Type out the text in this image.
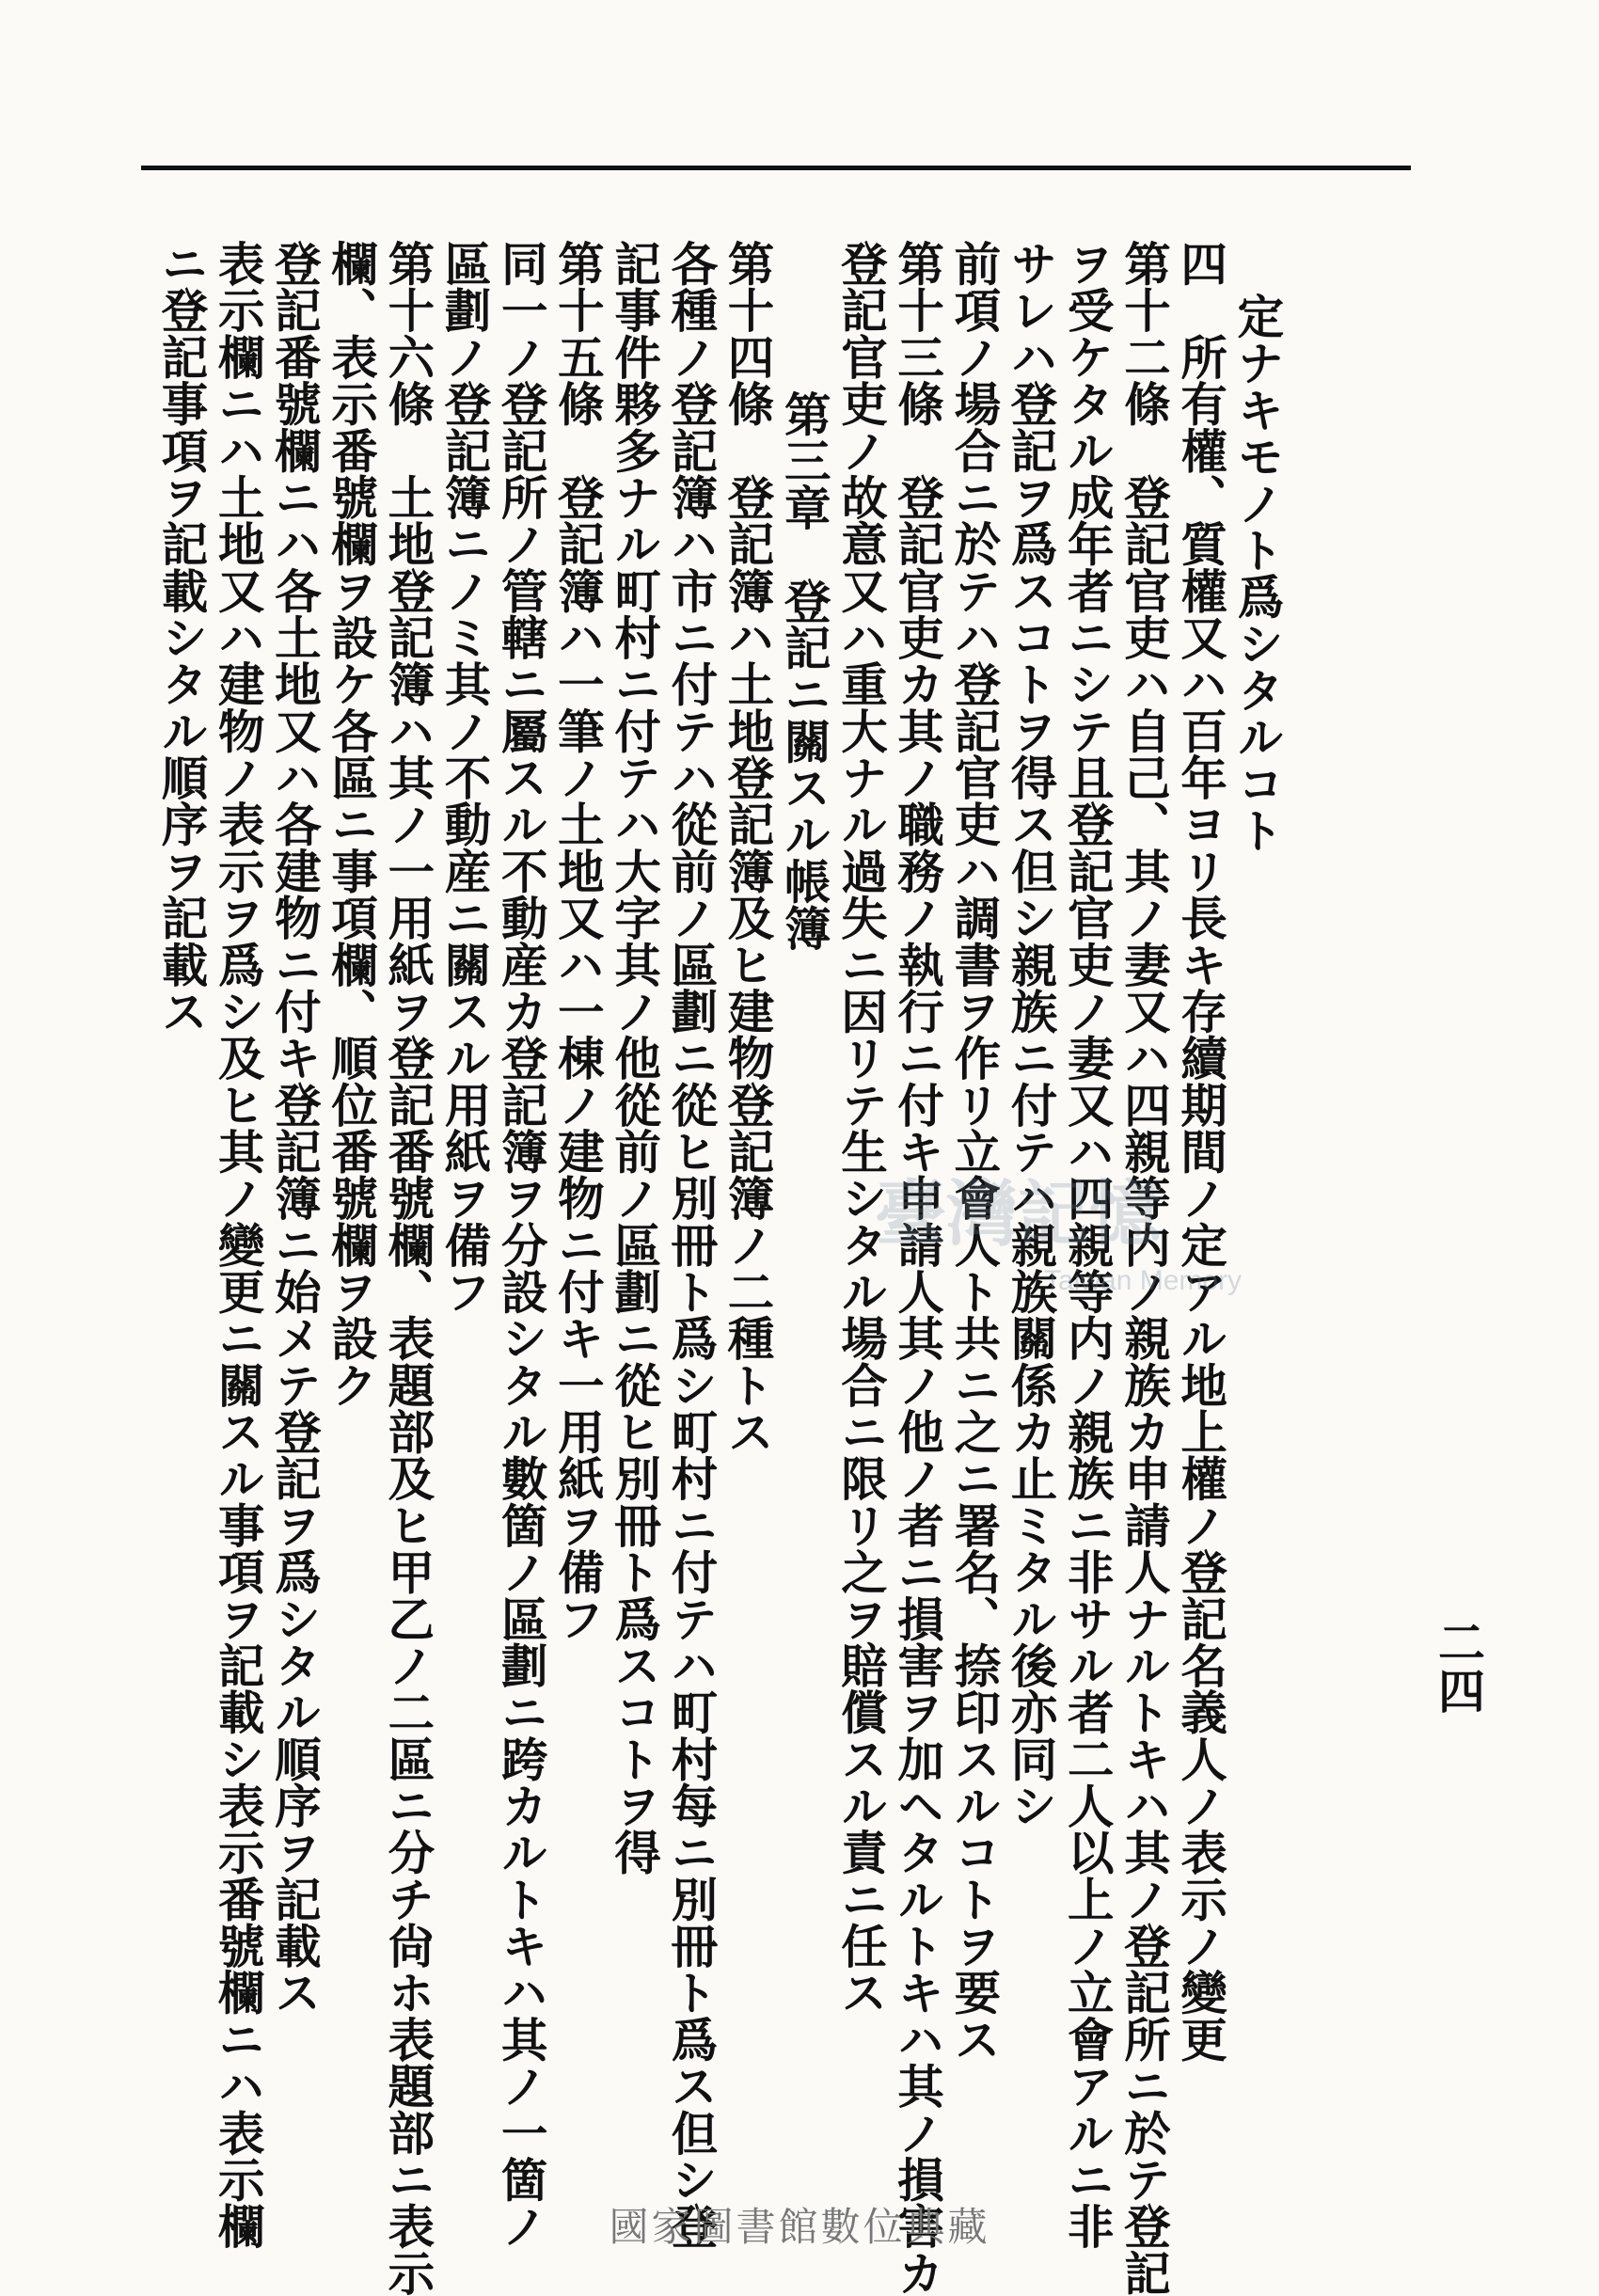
二四
定ナキモノト爲シタルコト
四　所有權、質權又ハ百年ヨリ長キ存續期間ノ定アル地上權ノ登記名義人ノ表示ノ變更
第十二條　登記官吏ハ自己、其ノ妻又ハ四親等内ノ親族カ申請人ナルトキハ其ノ登記所ニ於テ登記
ヲ受ケタル成年者ニシテ且登記官吏ノ妻又ハ四親等内ノ親族ニ非サル者二人以上ノ立會アルニ非
サレハ登記ヲ爲スコトヲ得ス但シ親族ニ付テハ親族關係カ止ミタル後亦同シ
前項ノ場合ニ於テハ登記官吏ハ調書ヲ作リ立會人ト共ニ之ニ署名、捺印スルコトヲ要ス
第十三條　登記官吏カ其ノ職務ノ執行ニ付キ申請人其ノ他ノ者ニ損害ヲ加ヘタルトキハ其ノ損害カ
登記官吏ノ故意又ハ重大ナル過失ニ因リテ生シタル場合ニ限リ之ヲ賠償スル責ニ任ス
第三章　登記ニ關スル帳簿
第十四條　登記簿ハ土地登記簿及ヒ建物登記簿ノ二種トス
各種ノ登記簿ハ市ニ付テハ從前ノ區劃ニ從ヒ別冊ト爲シ町村ニ付テハ町村每ニ別冊ト爲ス但シ登
記事件夥多ナル町村ニ付テハ大字其ノ他從前ノ區劃ニ從ヒ別冊ト爲スコトヲ得
第十五條　登記簿ハ一筆ノ土地又ハ一棟ノ建物ニ付キ一用紙ヲ備フ
同一ノ登記所ノ管轄ニ屬スル不動産カ登記簿ヲ分設シタル數箇ノ區劃ニ跨カルトキハ其ノ一箇ノ
區劃ノ登記簿ニノミ其ノ不動産ニ關スル用紙ヲ備フ
第十六條　土地登記簿ハ其ノ一用紙ヲ登記番號欄、表題部及ヒ甲乙ノ二區ニ分チ尙ホ表題部ニ表示
欄、表示番號欄ヲ設ケ各區ニ事項欄、順位番號欄ヲ設ク
登記番號欄ニハ各土地又ハ各建物ニ付キ登記簿ニ始メテ登記ヲ爲シタル順序ヲ記載ス
表示欄ニハ土地又ハ建物ノ表示ヲ爲シ及ヒ其ノ變更ニ關スル事項ヲ記載シ表示番號欄ニハ表示欄
ニ登記事項ヲ記載シタル順序ヲ記載ス
臺灣記憶
Taiwan Memory
國家圖書館數位典藏
